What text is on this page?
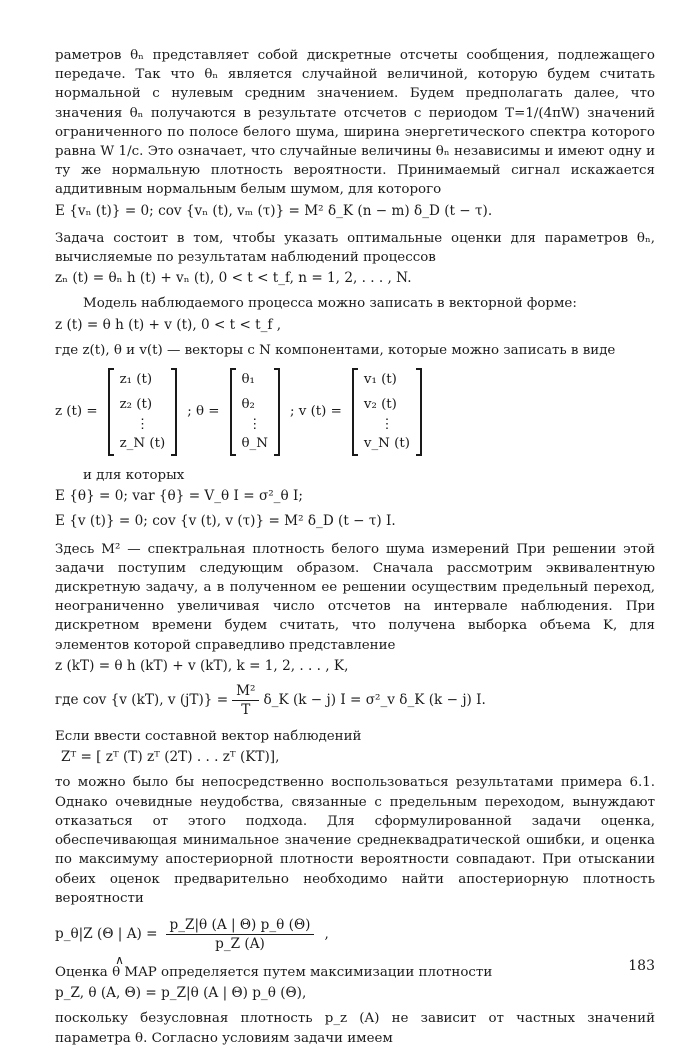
раметров θₙ представляет собой дискретные отсчеты сообщения, подлежащего передаче. Так что θₙ является случайной величиной, которую будем считать нормальной с нулевым средним значением. Будем предполагать далее, что значения θₙ получаются в результате отсчетов с периодом T=1/(4πW) значений ограниченного по полосе белого шума, ширина энергетического спектра которого равна W 1/с. Это означает, что случайные величины θₙ независимы и имеют одну и ту же нормальную плотность вероятности. Принимаемый сигнал искажается аддитивным нормальным белым шумом, для которого

E {vₙ (t)} = 0; cov {vₙ (t), vₘ (τ)} = M² δ_K (n − m) δ_D (t − τ).

Задача состоит в том, чтобы указать оптимальные оценки для параметров θₙ, вычисляемые по результатам наблюдений процессов

zₙ (t) = θₙ h (t) + vₙ (t), 0 < t < t_f, n = 1, 2, . . . , N.

Модель наблюдаемого процесса можно записать в векторной форме:

z (t) = θ h (t) + v (t), 0 < t < t_f ,

где z(t), θ и v(t) — векторы с N компонентами, которые можно записать в виде

z (t) =
z₁ (t)
z₂ (t)
⋮
z_N (t)
; θ =
θ₁
θ₂
⋮
θ_N
; v (t) =
v₁ (t)
v₂ (t)
⋮
v_N (t)

и для которых

E {θ} = 0; var {θ} = V_θ I = σ²_θ I;
E {v (t)} = 0; cov {v (t), v (τ)} = M² δ_D (t − τ) I.

Здесь M² — спектральная плотность белого шума измерений При решении этой задачи поступим следующим образом. Сначала рассмотрим эквивалентную дискретную задачу, а в полученном ее решении осуществим предельный переход, неограниченно увеличивая число отсчетов на интервале наблюдения. При дискретном времени будем считать, что получена выборка объема K, для элементов которой справедливо представление

z (kT) = θ h (kT) + v (kT), k = 1, 2, . . . , K,
где cov {v (kT), v $(jT)\} = \frac{\text{M²}}{T}$ δ_K (k − j) I = σ²_v δ_K (k − j) I.

Если ввести составной вектор наблюдений

Zᵀ = [ zᵀ (T) zᵀ (2T) . . . zᵀ (KT)],

то можно было бы непосредственно воспользоваться результатами примера 6.1. Однако очевидные неудобства, связанные с предельным переходом, вынуждают отказаться от этого подхода. Для сформулированной задачи оценка, обеспечивающая минимальное значение среднеквадратической ошибки, и оценка по максимуму апостериорной плотности вероятности совпадают. При отыскании обеих оценок предварительно необходимо найти апостериорную плотность вероятности

p_θ|Z (Θ | $A) = \frac{p\_Z|\theta (A | \Theta) p\_\theta (\Theta)}{p\_Z (A)}$ ,

Оценка
∧
θ MAP определяется путем максимизации плотности

p_Z, θ (A, Θ) = p_Z|θ (A | Θ) p_θ (Θ),

поскольку безусловная плотность p_z (A) не зависит от частных значений параметра θ. Согласно условиям задачи имеем

183
